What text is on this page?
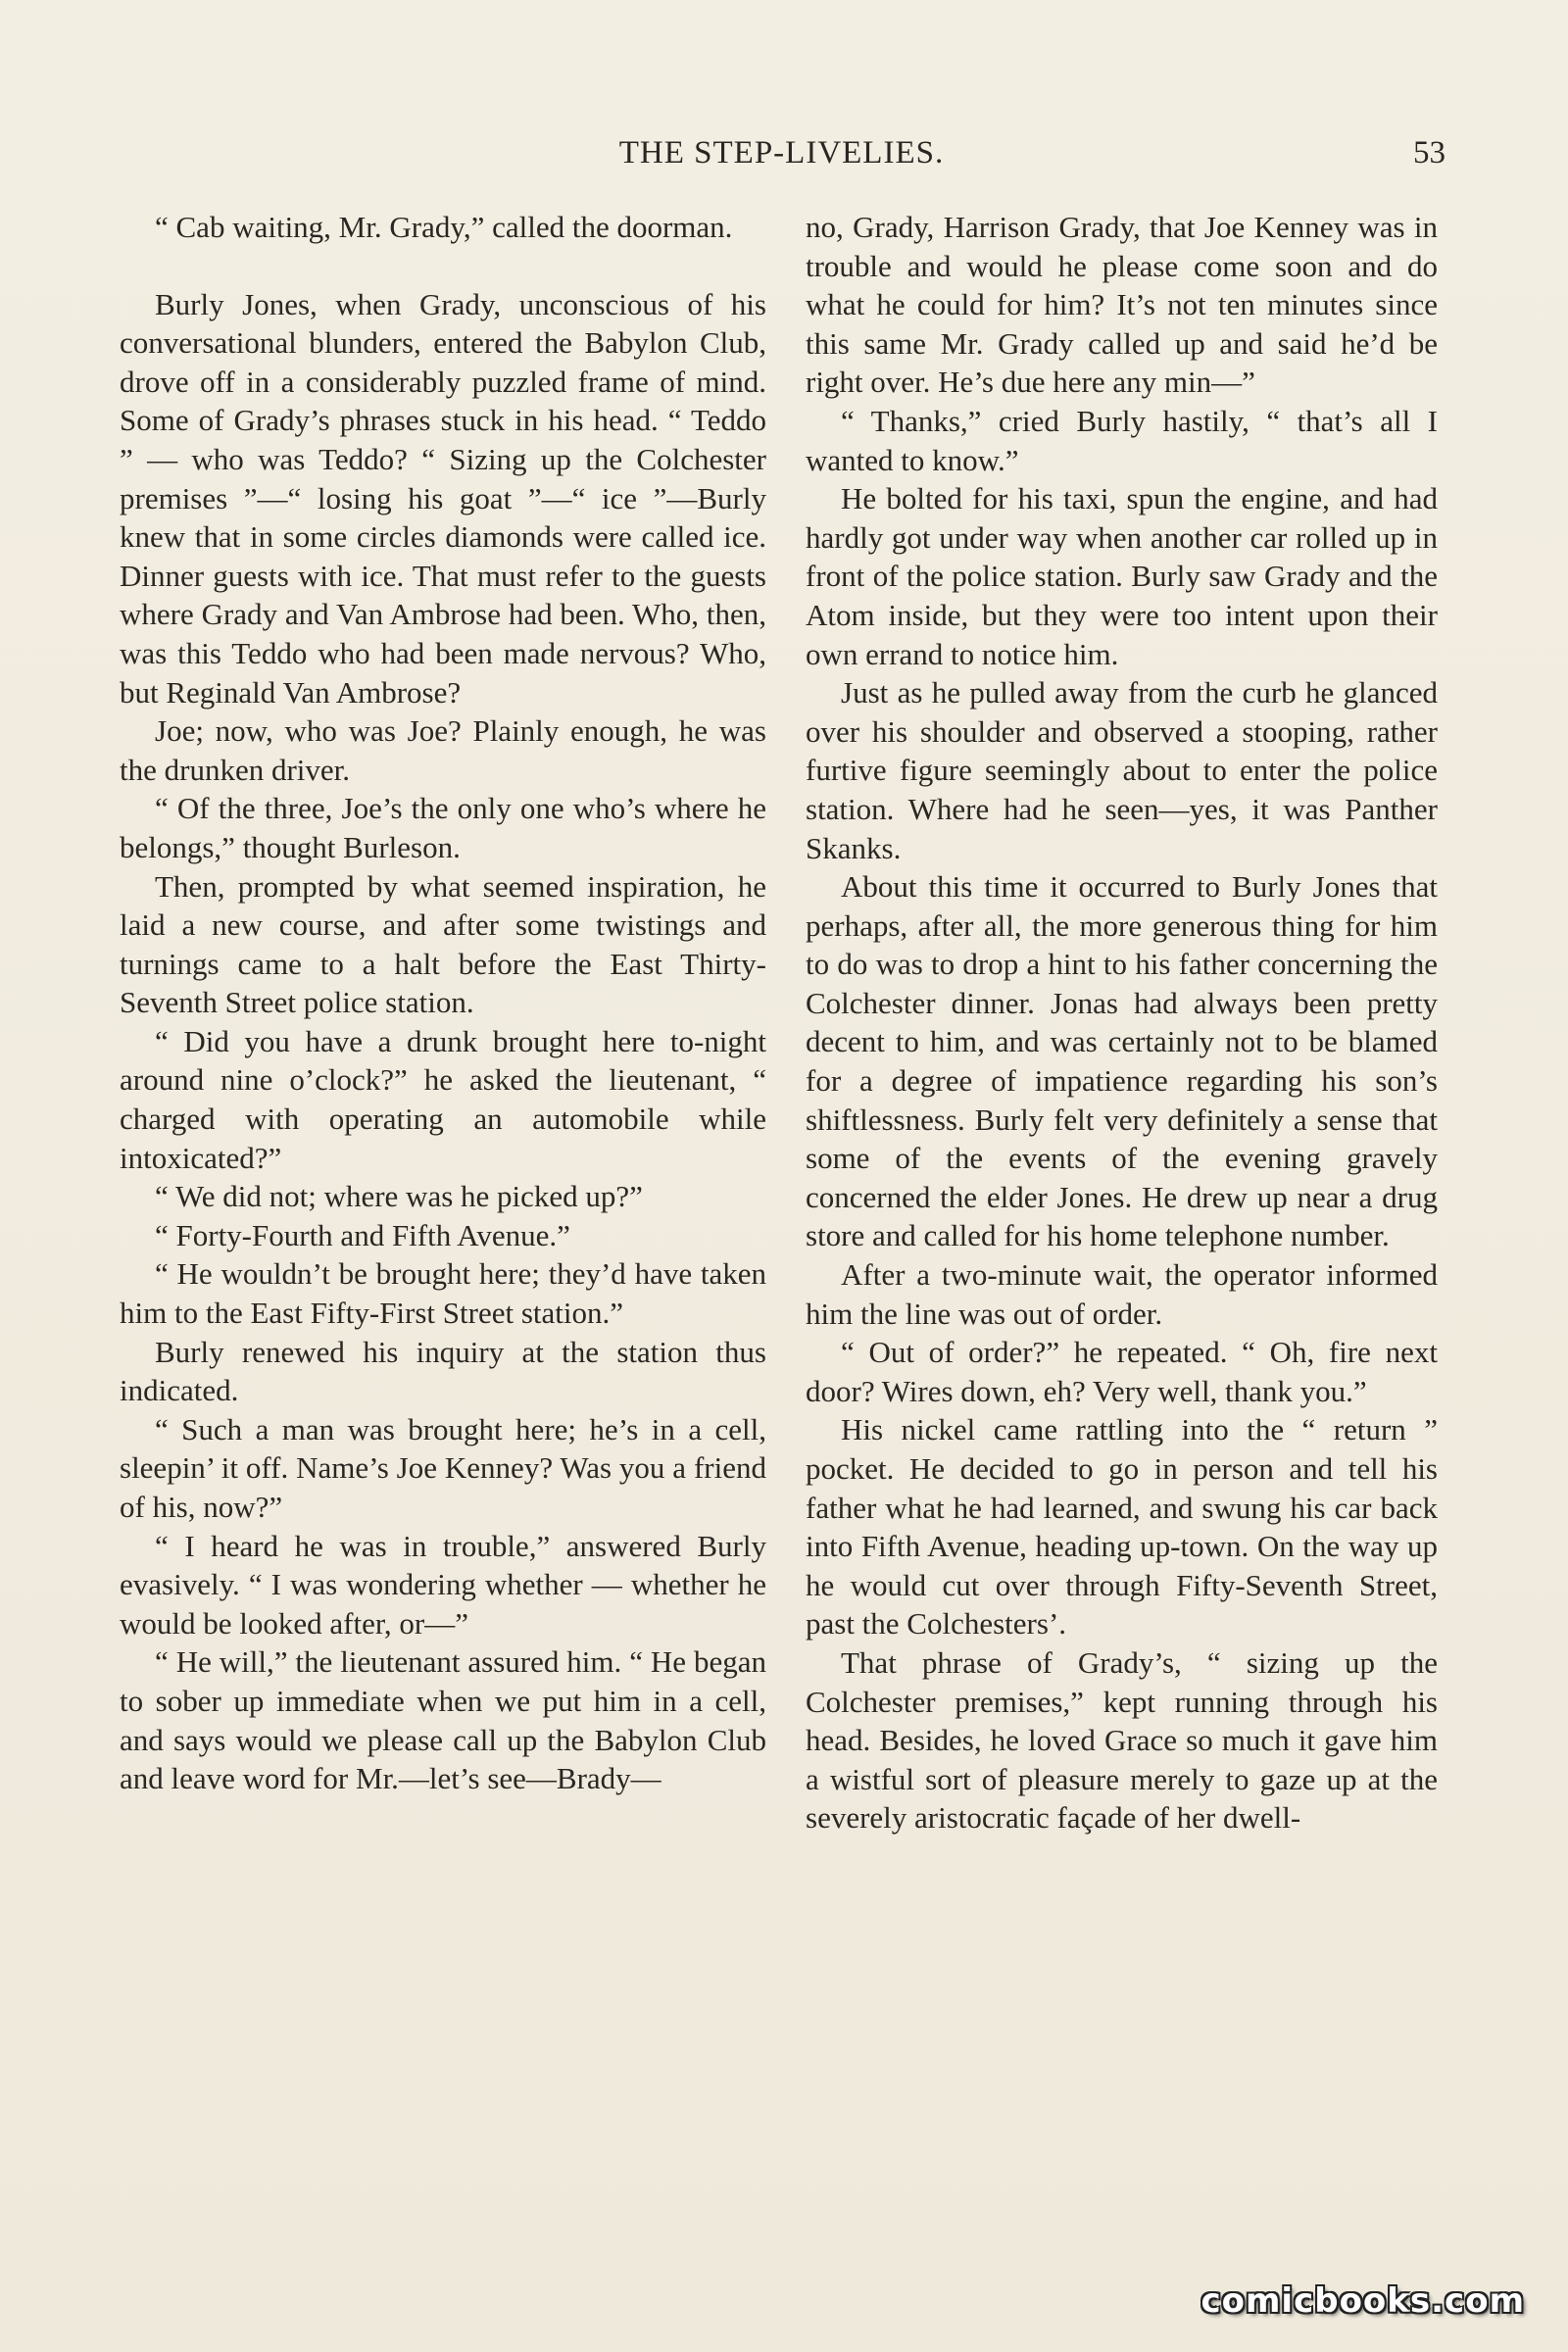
THE STEP-LIVELIES.	53

“ Cab waiting, Mr. Grady,” called the doorman.

Burly Jones, when Grady, unconscious of his conversational blunders, entered the Babylon Club, drove off in a considerably puzzled frame of mind. Some of Grady’s phrases stuck in his head. “ Teddo ” — who was Teddo? “ Sizing up the Colchester premises ”—“ losing his goat ”—“ ice ”—Burly knew that in some circles diamonds were called ice. Dinner guests with ice. That must refer to the guests where Grady and Van Ambrose had been. Who, then, was this Teddo who had been made nervous? Who, but Reginald Van Ambrose?

Joe; now, who was Joe? Plainly enough, he was the drunken driver.

“ Of the three, Joe’s the only one who’s where he belongs,” thought Burleson.

Then, prompted by what seemed inspiration, he laid a new course, and after some twistings and turnings came to a halt before the East Thirty-Seventh Street police station.

“ Did you have a drunk brought here to-night around nine o’clock?” he asked the lieutenant, “ charged with operating an automobile while intoxicated?”

“ We did not; where was he picked up?”

“ Forty-Fourth and Fifth Avenue.”

“ He wouldn’t be brought here; they’d have taken him to the East Fifty-First Street station.”

Burly renewed his inquiry at the station thus indicated.

“ Such a man was brought here; he’s in a cell, sleepin’ it off. Name’s Joe Kenney? Was you a friend of his, now?”

“ I heard he was in trouble,” answered Burly evasively. “ I was wondering whether — whether he would be looked after, or—”

“ He will,” the lieutenant assured him. “ He began to sober up immediate when we put him in a cell, and says would we please call up the Babylon Club and leave word for Mr.—let’s see—Brady—

no, Grady, Harrison Grady, that Joe Kenney was in trouble and would he please come soon and do what he could for him? It’s not ten minutes since this same Mr. Grady called up and said he’d be right over. He’s due here any min—”

“ Thanks,” cried Burly hastily, “ that’s all I wanted to know.”

He bolted for his taxi, spun the engine, and had hardly got under way when another car rolled up in front of the police station. Burly saw Grady and the Atom inside, but they were too intent upon their own errand to notice him.

Just as he pulled away from the curb he glanced over his shoulder and observed a stooping, rather furtive figure seemingly about to enter the police station. Where had he seen—yes, it was Panther Skanks.

About this time it occurred to Burly Jones that perhaps, after all, the more generous thing for him to do was to drop a hint to his father concerning the Colchester dinner. Jonas had always been pretty decent to him, and was certainly not to be blamed for a degree of impatience regarding his son’s shiftlessness. Burly felt very definitely a sense that some of the events of the evening gravely concerned the elder Jones. He drew up near a drug store and called for his home telephone number.

After a two-minute wait, the operator informed him the line was out of order.

“ Out of order?” he repeated. “ Oh, fire next door? Wires down, eh? Very well, thank you.”

His nickel came rattling into the “ return ” pocket. He decided to go in person and tell his father what he had learned, and swung his car back into Fifth Avenue, heading up-town. On the way up he would cut over through Fifty-Seventh Street, past the Colchesters’.

That phrase of Grady’s, “ sizing up the Colchester premises,” kept running through his head. Besides, he loved Grace so much it gave him a wistful sort of pleasure merely to gaze up at the severely aristocratic façade of her dwell-

comicbooks.com
